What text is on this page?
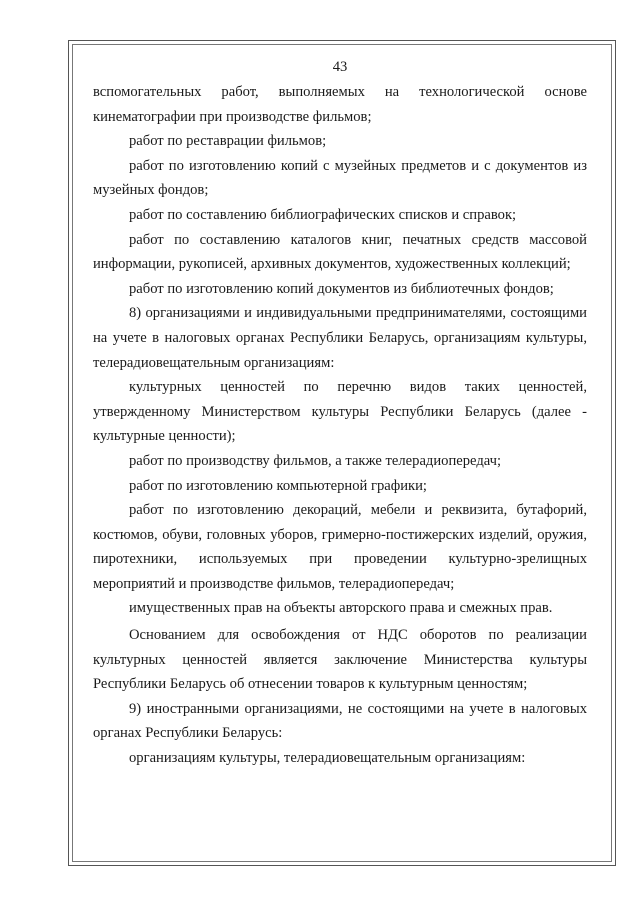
43

вспомогательных работ, выполняемых на технологической основе кинематографии при производстве фильмов;

работ по реставрации фильмов;

работ по изготовлению копий с музейных предметов и с документов из музейных фондов;

работ по составлению библиографических списков и справок;

работ по составлению каталогов книг, печатных средств массовой информации, рукописей, архивных документов, художественных коллекций;

работ по изготовлению копий документов из библиотечных фондов;

8) организациями и индивидуальными предпринимателями, состоящими на учете в налоговых органах Республики Беларусь, организациям культуры, телерадиовещательным организациям:

культурных ценностей по перечню видов таких ценностей, утвержденному Министерством культуры Республики Беларусь (далее - культурные ценности);

работ по производству фильмов, а также телерадиопередач;

работ по изготовлению компьютерной графики;

работ по изготовлению декораций, мебели и реквизита, бутафорий, костюмов, обуви, головных уборов, гримерно-постижерских изделий, оружия, пиротехники, используемых при проведении культурно-зрелищных мероприятий и производстве фильмов, телерадиопередач;

имущественных прав на объекты авторского права и смежных прав.

Основанием для освобождения от НДС оборотов по реализации культурных ценностей является заключение Министерства культуры Республики Беларусь об отнесении товаров к культурным ценностям;

9) иностранными организациями, не состоящими на учете в налоговых органах Республики Беларусь:

организациям культуры, телерадиовещательным организациям:
